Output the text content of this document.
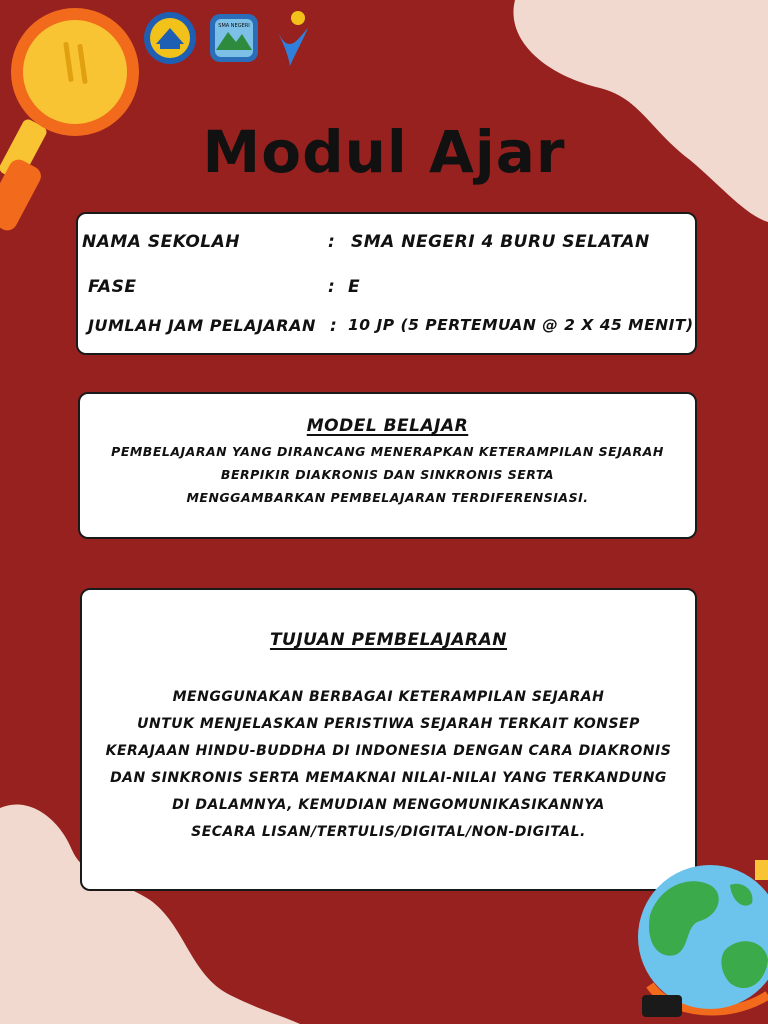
SMA NEGERI
Modul Ajar
NAMA SEKOLAH	: SMA NEGERI 4 BURU SELATAN
FASE	: E
JUMLAH JAM PELAJARAN : 10 JP (5 PERTEMUAN @ 2 X 45 MENIT)
MODEL BELAJAR
PEMBELAJARAN YANG DIRANCANG MENERAPKAN KETERAMPILAN SEJARAH
BERPIKIR DIAKRONIS DAN SINKRONIS SERTA
MENGGAMBARKAN PEMBELAJARAN TERDIFERENSIASI.
TUJUAN PEMBELAJARAN
MENGGUNAKAN BERBAGAI KETERAMPILAN SEJARAH
UNTUK MENJELASKAN PERISTIWA SEJARAH TERKAIT KONSEP
KERAJAAN HINDU-BUDDHA DI INDONESIA DENGAN CARA DIAKRONIS
DAN SINKRONIS SERTA MEMAKNAI NILAI-NILAI YANG TERKANDUNG
DI DALAMNYA, KEMUDIAN MENGOMUNIKASIKANNYA
SECARA LISAN/TERTULIS/DIGITAL/NON-DIGITAL.
